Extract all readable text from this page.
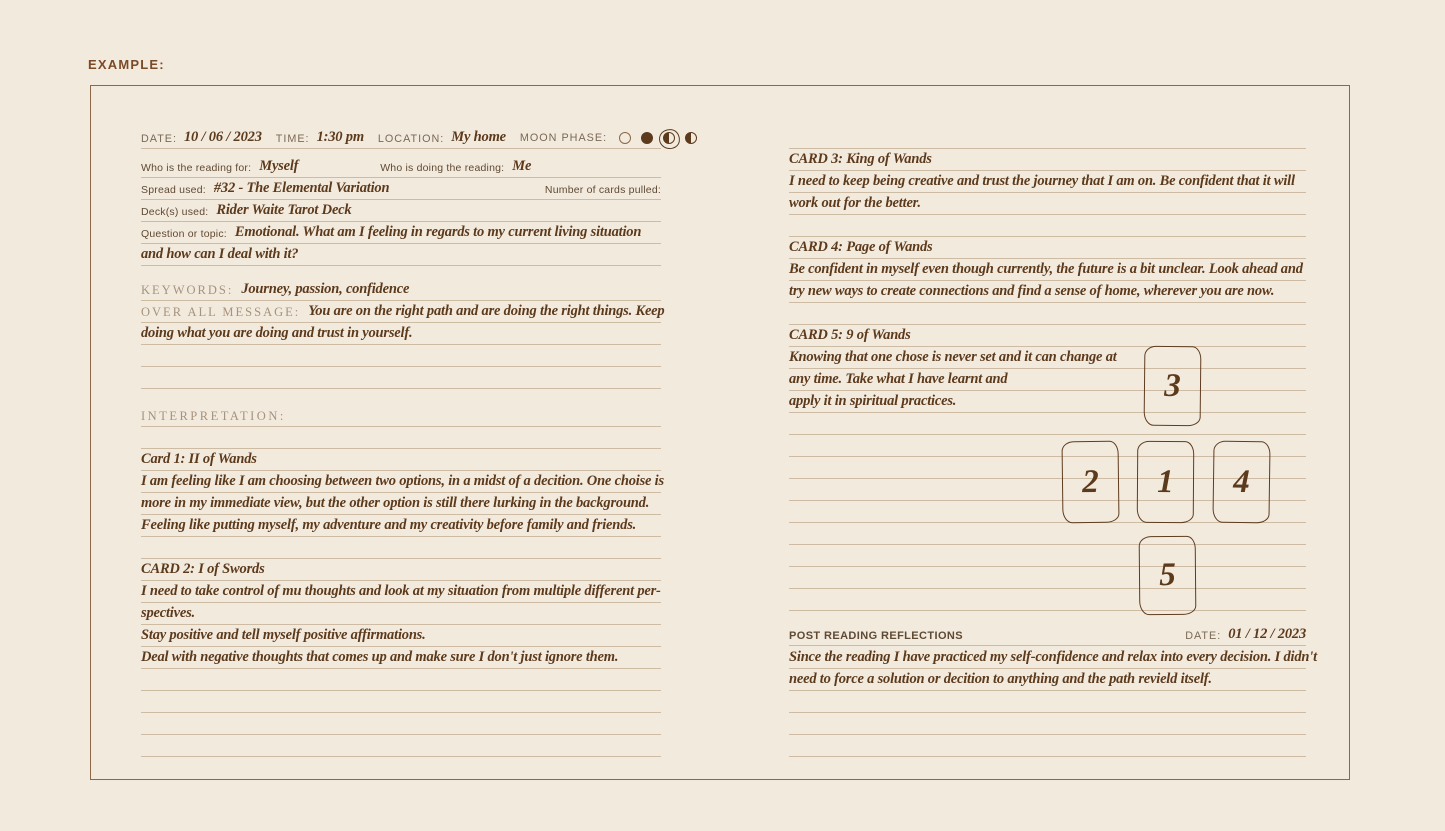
EXAMPLE:
DATE: 10 / 06 / 2023 TIME: 1:30 pm LOCATION: My home MOON PHASE:
Who is the reading for: Myself	Who is doing the reading: Me
Spread used: #32 - The Elemental Variation	Number of cards pulled:
Deck(s) used: Rider Waite Tarot Deck
Question or topic: Emotional. What am I feeling in regards to my current living situation
and how can I deal with it?
KEYWORDS: Journey, passion, confidence
OVER ALL MESSAGE: You are on the right path and are doing the right things. Keep
doing what you are doing and trust in yourself.
INTERPRETATION:
Card 1: II of Wands
I am feeling like I am choosing between two options, in a midst of a decition. One choise is
more in my immediate view, but the other option is still there lurking in the background.
Feeling like putting myself, my adventure and my creativity before family and friends.
CARD 2: I of Swords
I need to take control of mu thoughts and look at my situation from multiple different per-
spectives.
Stay positive and tell myself positive affirmations.
Deal with negative thoughts that comes up and make sure I don't just ignore them.
CARD 3: King of Wands
I need to keep being creative and trust the journey that I am on. Be confident that it will
work out for the better.
CARD 4: Page of Wands
Be confident in myself even though currently, the future is a bit unclear. Look ahead and
try new ways to create connections and find a sense of home, wherever you are now.
CARD 5: 9 of Wands
Knowing that one chose is never set and it can change at
any time. Take what I have learnt and
apply it in spiritual practices.
POST READING REFLECTIONS	DATE: 01 / 12 / 2023
Since the reading I have practiced my self-confidence and relax into every decision. I didn't
need to force a solution or decition to anything and the path revield itself.
3
2 1 4
5
